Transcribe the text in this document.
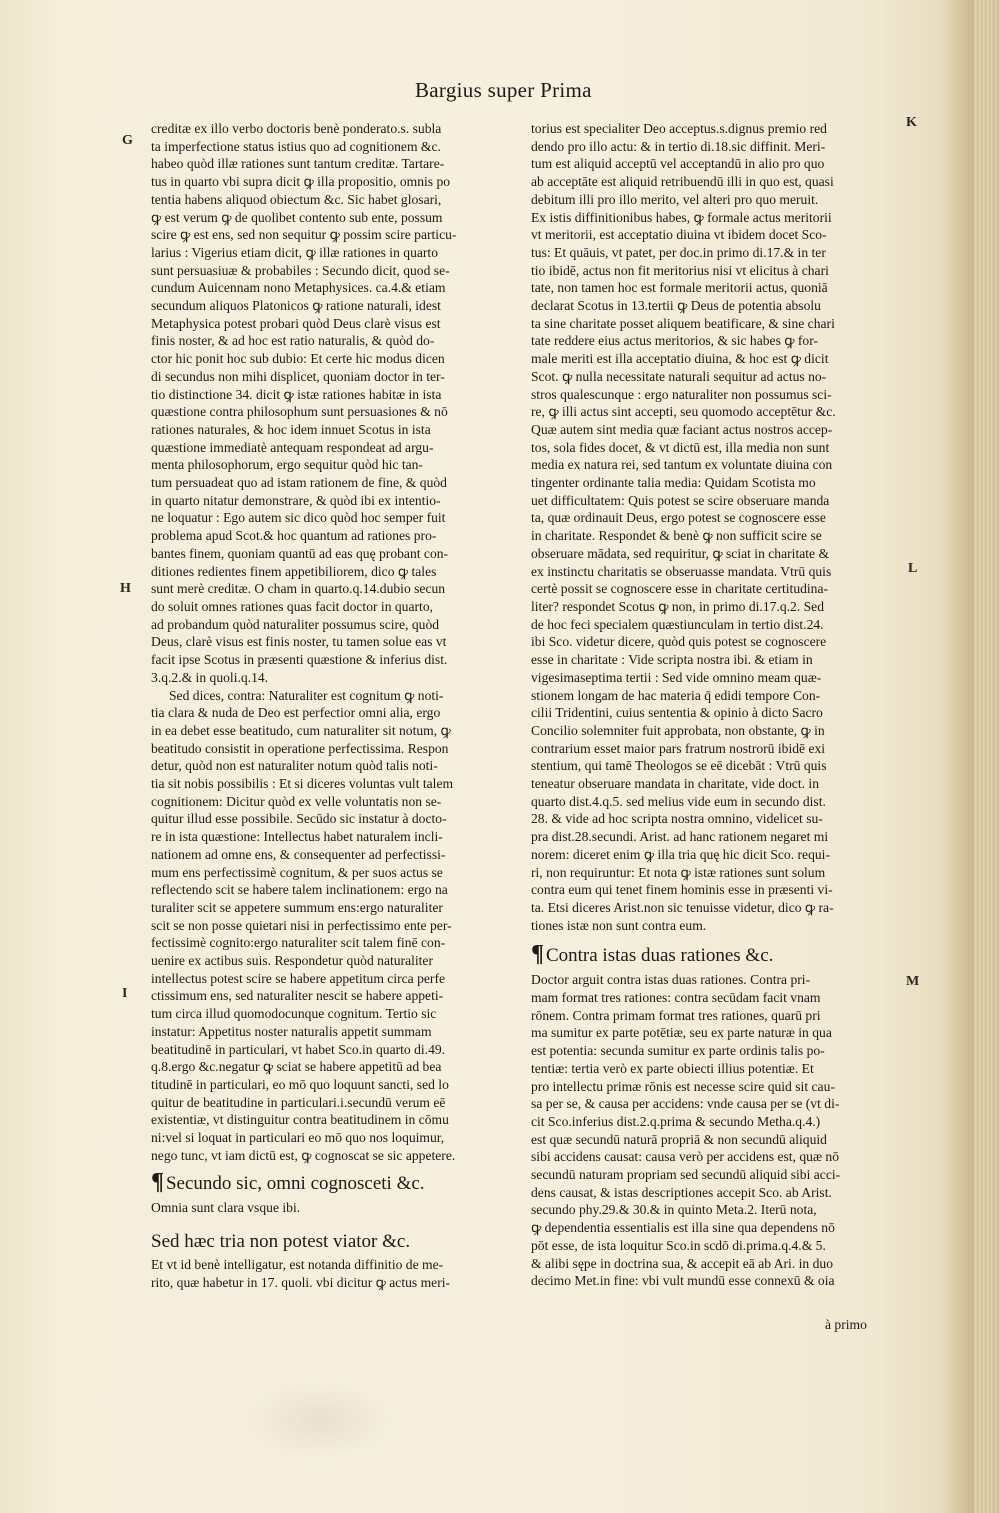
Bargius super Prima
G
H
I
K
L
M

creditæ ex illo verbo doctoris benè ponderato.s. subla
ta imperfectione status istius quo ad cognitionem &c.
habeo quòd illæ rationes sunt tantum creditæ. Tartare-
tus in quarto vbi supra dicit ꝙ illa propositio, omnis po
tentia habens aliquod obiectum &c. Sic habet glosari,
ꝙ est verum ꝙ de quolibet contento sub ente, possum
scire ꝙ est ens, sed non sequitur ꝙ possim scire particu-
larius : Vigerius etiam dicit, ꝙ illæ rationes in quarto
sunt persuasiuæ & probabiles : Secundo dicit, quod se-
cundum Auicennam nono Metaphysices. ca.4.& etiam
secundum aliquos Platonicos ꝙ ratione naturali, idest
Metaphysica potest probari quòd Deus clarè visus est
finis noster, & ad hoc est ratio naturalis, & quòd do-
ctor hic ponit hoc sub dubio: Et certe hic modus dicen
di secundus non mihi displicet, quoniam doctor in ter-
tio distinctione 34. dicit ꝙ istæ rationes habitæ in ista
quæstione contra philosophum sunt persuasiones & nō
rationes naturales, & hoc idem innuet Scotus in ista
quæstione immediatè antequam respondeat ad argu-
menta philosophorum, ergo sequitur quòd hic tan-
tum persuadeat quo ad istam rationem de fine, & quòd
in quarto nitatur demonstrare, & quòd ibi ex intentio-
ne loquatur : Ego autem sic dico quòd hoc semper fuit
problema apud Scot.& hoc quantum ad rationes pro-
bantes finem, quoniam quantū ad eas quę probant con-
ditiones redientes finem appetibiliorem, dico ꝙ tales
sunt merè creditæ. O cham in quarto.q.14.dubio secun
do soluit omnes rationes quas facit doctor in quarto,
ad probandum quòd naturaliter possumus scire, quòd
Deus, clarè visus est finis noster, tu tamen solue eas vt
facit ipse Scotus in præsenti quæstione & inferius dist.
3.q.2.& in quoli.q.14.

Sed dices, contra: Naturaliter est cognitum ꝙ noti-
tia clara & nuda de Deo est perfectior omni alia, ergo
in ea debet esse beatitudo, cum naturaliter sit notum, ꝙ
beatitudo consistit in operatione perfectissima. Respon
detur, quòd non est naturaliter notum quòd talis noti-
tia sit nobis possibilis : Et si diceres voluntas vult talem
cognitionem: Dicitur quòd ex velle voluntatis non se-
quitur illud esse possibile. Secūdo sic instatur à docto-
re in ista quæstione: Intellectus habet naturalem incli-
nationem ad omne ens, & consequenter ad perfectissi-
mum ens perfectissimè cognitum, & per suos actus se
reflectendo scit se habere talem inclinationem: ergo na
turaliter scit se appetere summum ens:ergo naturaliter
scit se non posse quietari nisi in perfectissimo ente per-
fectissimè cognito:ergo naturaliter scit talem finē con-
uenire ex actibus suis. Respondetur quòd naturaliter
intellectus potest scire se habere appetitum circa perfe
ctissimum ens, sed naturaliter nescit se habere appeti-
tum circa illud quomodocunque cognitum. Tertio sic
instatur: Appetitus noster naturalis appetit summam
beatitudinē in particulari, vt habet Sco.in quarto di.49.
q.8.ergo &c.negatur ꝙ sciat se habere appetitū ad bea
titudinē in particulari, eo mō quo loquunt sancti, sed lo
quitur de beatitudine in particulari.i.secundū verum eē
existentiæ, vt distinguitur contra beatitudinem in cōmu
ni:vel si loquat in particulari eo mō quo nos loquimur,
nego tunc, vt iam dictū est, ꝙ cognoscat se sic appetere.

¶ Secundo sic, omni cognosceti &c.

Omnia sunt clara vsque ibi.

Sed hæc tria non potest viator &c.

Et vt id benè intelligatur, est notanda diffinitio de me-
rito, quæ habetur in 17. quoli. vbi dicitur ꝙ actus meri-

torius est specialiter Deo acceptus.s.dignus premio red
dendo pro illo actu: & in tertio di.18.sic diffinit. Meri-
tum est aliquid acceptū vel acceptandū in alio pro quo
ab acceptāte est aliquid retribuendū illi in quo est, quasi
debitum illi pro illo merito, vel alteri pro quo meruit.
Ex istis diffinitionibus habes, ꝙ formale actus meritorii
vt meritorii, est acceptatio diuina vt ibidem docet Sco-
tus: Et quāuis, vt patet, per doc.in primo di.17.& in ter
tio ibidē, actus non fit meritorius nisi vt elicitus à chari
tate, non tamen hoc est formale meritorii actus, quoniā
declarat Scotus in 13.tertii ꝙ Deus de potentia absolu
ta sine charitate posset aliquem beatificare, & sine chari
tate reddere eius actus meritorios, & sic habes ꝙ for-
male meriti est illa acceptatio diuina, & hoc est ꝙ dicit
Scot. ꝙ nulla necessitate naturali sequitur ad actus no-
stros qualescunque : ergo naturaliter non possumus sci-
re, ꝙ illi actus sint accepti, seu quomodo acceptētur &c.
Quæ autem sint media quæ faciant actus nostros accep-
tos, sola fides docet, & vt dictū est, illa media non sunt
media ex natura rei, sed tantum ex voluntate diuina con
tingenter ordinante talia media: Quidam Scotista mo
uet difficultatem: Quis potest se scire obseruare manda
ta, quæ ordinauit Deus, ergo potest se cognoscere esse
in charitate. Respondet & benè ꝙ non sufficit scire se
obseruare mādata, sed requiritur, ꝙ sciat in charitate &
ex instinctu charitatis se obseruasse mandata. Vtrū quis
certè possit se cognoscere esse in charitate certitudina-
liter? respondet Scotus ꝙ non, in primo di.17.q.2. Sed
de hoc feci specialem quæstiunculam in tertio dist.24.
ibi Sco. videtur dicere, quòd quis potest se cognoscere
esse in charitate : Vide scripta nostra ibi. & etiam in
vigesimaseptima tertii : Sed vide omnino meam quæ-
stionem longam de hac materia q̄ edidi tempore Con-
cilii Tridentini, cuius sententia & opinio à dicto Sacro
Concilio solemniter fuit approbata, non obstante, ꝙ in
contrarium esset maior pars fratrum nostrorū ibidē exi
stentium, qui tamē Theologos se eē dicebāt : Vtrū quis
teneatur obseruare mandata in charitate, vide doct. in
quarto dist.4.q.5. sed melius vide eum in secundo dist.
28. & vide ad hoc scripta nostra omnino, videlicet su-
pra dist.28.secundi. Arist. ad hanc rationem negaret mi
norem: diceret enim ꝙ illa tria quę hic dicit Sco. requi-
ri, non requiruntur: Et nota ꝙ istæ rationes sunt solum
contra eum qui tenet finem hominis esse in præsenti vi-
ta. Etsi diceres Arist.non sic tenuisse videtur, dico ꝙ ra-
tiones istæ non sunt contra eum.

¶ Contra istas duas rationes &c.

Doctor arguit contra istas duas rationes. Contra pri-
mam format tres rationes: contra secūdam facit vnam
rōnem. Contra primam format tres rationes, quarū pri
ma sumitur ex parte potētiæ, seu ex parte naturæ in qua
est potentia: secunda sumitur ex parte ordinis talis po-
tentiæ: tertia verò ex parte obiecti illius potentiæ. Et
pro intellectu primæ rōnis est necesse scire quid sit cau-
sa per se, & causa per accidens: vnde causa per se (vt di-
cit Sco.inferius dist.2.q.prima & secundo Metha.q.4.)
est quæ secundū naturā propriā & non secundū aliquid
sibi accidens causat: causa verò per accidens est, quæ nō
secundū naturam propriam sed secundū aliquid sibi acci-
dens causat, & istas descriptiones accepit Sco. ab Arist.
secundo phy.29.& 30.& in quinto Meta.2. Iterū nota,
ꝙ dependentia essentialis est illa sine qua dependens nō
pōt esse, de ista loquitur Sco.in scdō di.prima.q.4.& 5.
& alibi sępe in doctrina sua, & accepit eā ab Ari. in duo
decimo Met.in fine: vbi vult mundū esse connexū & oia

à primo
